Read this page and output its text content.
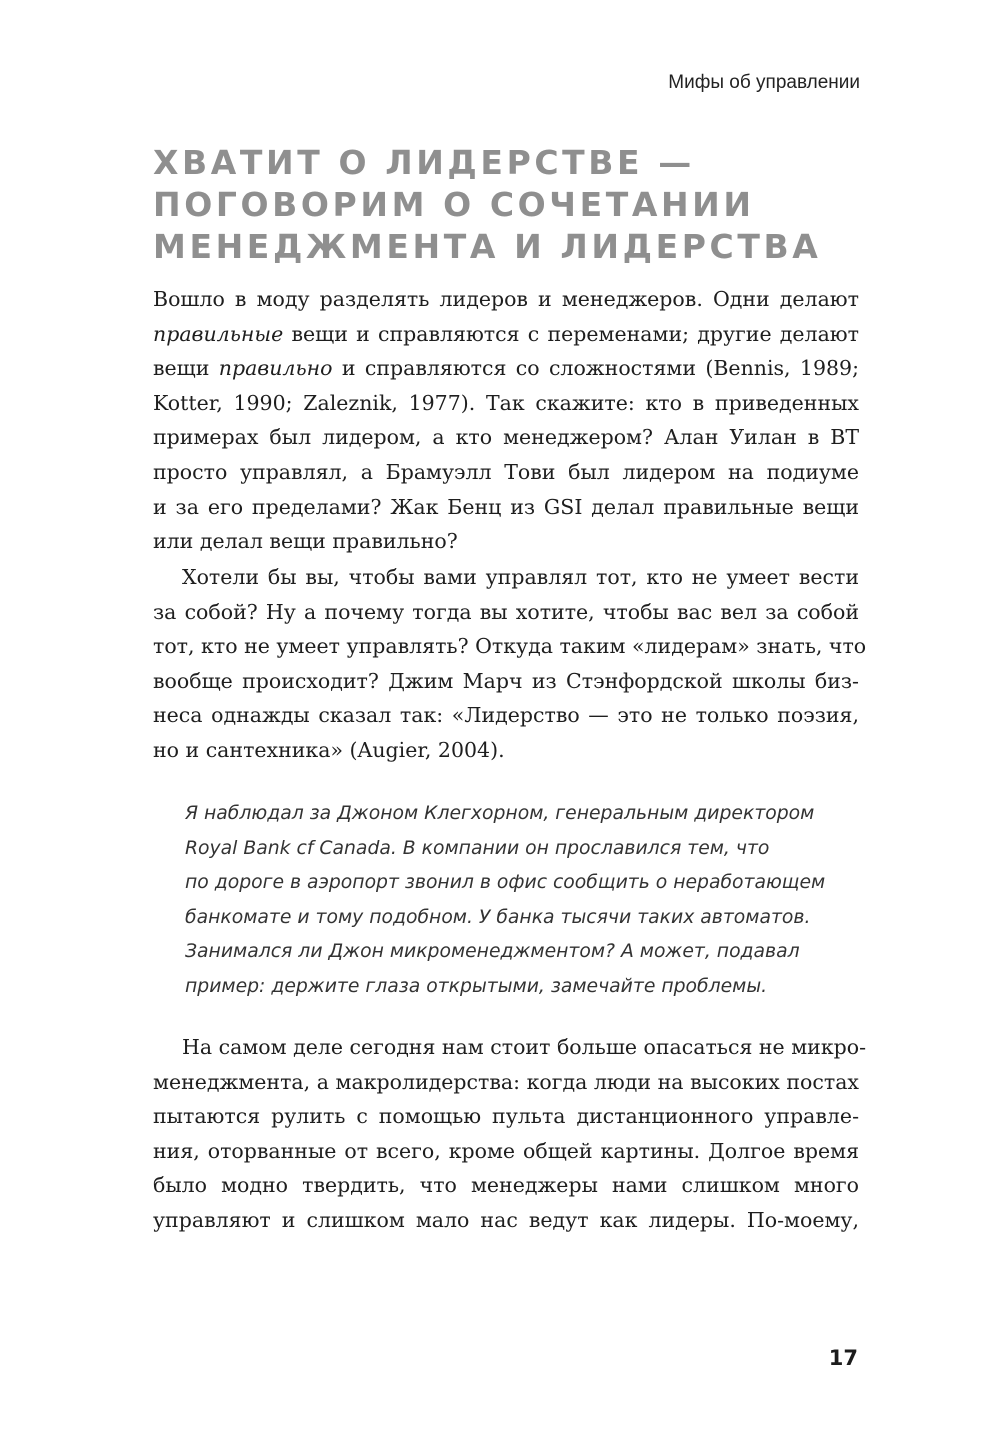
Мифы об управлении
ХВАТИТ О ЛИДЕРСТВЕ —
ПОГОВОРИМ О СОЧЕТАНИИ
МЕНЕДЖМЕНТА И ЛИДЕРСТВА
Вошло в моду разделять лидеров и менеджеров. Одни делают
правильные вещи и справляются с переменами; другие делают
вещи правильно и справляются со сложностями (Bennis, 1989;
Kotter, 1990; Zaleznik, 1977). Так скажите: кто в приведенных
примерах был лидером, а кто менеджером? Алан Уилан в BT
просто управлял, а Брамуэлл Тови был лидером на подиуме
и за его пределами? Жак Бенц из GSI делал правильные вещи
или делал вещи правильно?
Хотели бы вы, чтобы вами управлял тот, кто не умеет вести
за собой? Ну а почему тогда вы хотите, чтобы вас вел за собой
тот, кто не умеет управлять? Откуда таким «лидерам» знать, что
вообще происходит? Джим Марч из Стэнфордской школы биз-
неса однажды сказал так: «Лидерство — это не только поэзия,
но и сантехника» (Augier, 2004).
Я наблюдал за Джоном Клегхорном, генеральным директором
Royal Bank cf Canada. В компании он прославился тем, что
по дороге в аэропорт звонил в офис сообщить о неработающем
банкомате и тому подобном. У банка тысячи таких автоматов.
Занимался ли Джон микроменеджментом? А может, подавал
пример: держите глаза открытыми, замечайте проблемы.
На самом деле сегодня нам стоит больше опасаться не микро-
менеджмента, а макролидерства: когда люди на высоких постах
пытаются рулить с помощью пульта дистанционного управле-
ния, оторванные от всего, кроме общей картины. Долгое время
было модно твердить, что менеджеры нами слишком много
управляют и слишком мало нас ведут как лидеры. По-моему,
17
